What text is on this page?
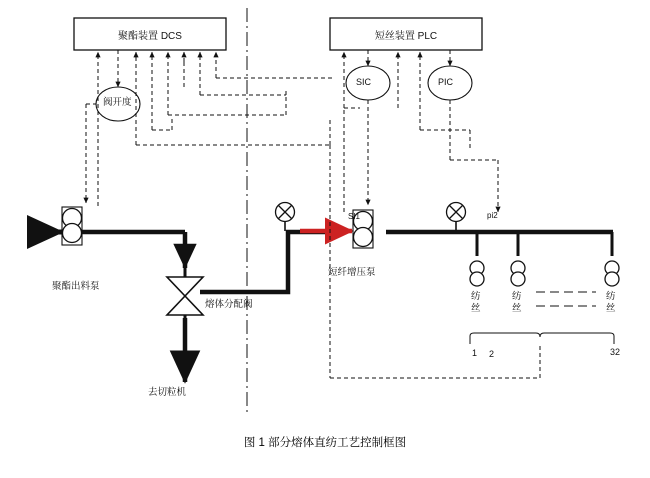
聚酯装置 DCS	短丝装置 PLC
SIC	PIC
阀开度
聚酯出料泵
熔体分配阀
去切粒机
短纤增压泵
SI1	pi2
纺
丝
纺
丝
纺
丝
1 2	32
图 1 部分熔体直纺工艺控制框图
